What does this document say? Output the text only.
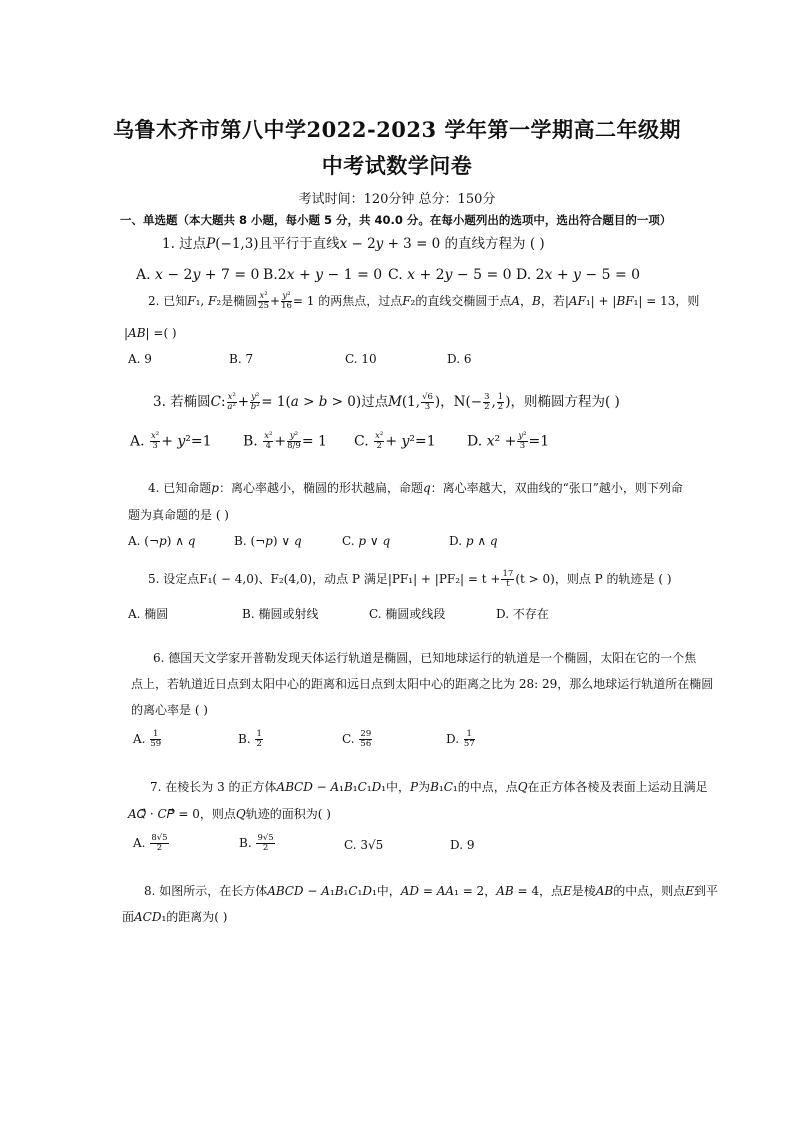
乌鲁木齐市第八中学2022-2023 学年第一学期高二年级期
中考试数学问卷
考试时间：120分钟 总分：150分
一、单选题（本大题共 8 小题，每小题 5 分，共 40.0 分。在每小题列出的选项中，选出符合题目的一项）
1. 过点𝑃(−1,3)且平行于直线𝑥 − 2𝑦 + 3 = 0 的直线方程为 ( )
A. 𝑥 − 2𝑦 + 7 = 0 B.2𝑥 + 𝑦 − 1 = 0 C. 𝑥 + 2𝑦 − 5 = 0 D. 2𝑥 + 𝑦 − 5 = 0
2. 已知𝐹₁, 𝐹₂是椭圆 $\frac{\text{𝑥²}}{25} + \frac{\text{𝑦²}}{16} = 1$ 的两焦点，过点𝐹₂的直线交椭圆于点𝐴，𝐵，若|𝐴𝐹₁| + |𝐵𝐹₁| = 13，则
|𝐴𝐵| =( )
A. 9	B. 7	C. 10	D. 6
3. 若椭圆𝐶: $\frac{\text{𝑥²}}{\text{𝑎²}} + \frac{\text{𝑦²}}{\text{𝑏²}}$ = 1(𝑎 > 𝑏 > 0)过点𝑀(1, $\frac{√6}{3}$ )，$N(- \frac{3}{2}$ , $\frac{1}{2}$ )，则椭圆方程为( )
A. $\frac{\text{𝑥²}}{3}$ + 𝑦²=1 B. $\frac{\text{𝑥²}}{4} + \frac{\text{𝑦²}}{8/9} = 1$ C. $\frac{\text{𝑥²}}{2}$ + 𝑦²=1 D. 𝑥² + $\frac{\text{𝑦²}}{3} =1$
4. 已知命题𝑝：离心率越小，椭圆的形状越扁，命题𝑞：离心率越大，双曲线的“张口”越小，则下列命
题为真命题的是 ( )
A. (¬𝑝) ∧ 𝑞	B. (¬𝑝) ∨ 𝑞	C. 𝑝 ∨ 𝑞	D. 𝑝 ∧ 𝑞
5. 设定点F₁( − 4,0)、F₂(4,0)，动点 P 满足$|PF_1| + |PF_2| = t + \frac{17}{t} (t > 0)$，则点 P 的轨迹是 ( )
A. 椭圆	B. 椭圆或射线	C. 椭圆或线段	D. 不存在
6. 德国天文学家开普勒发现天体运行轨道是椭圆，已知地球运行的轨道是一个椭圆，太阳在它的一个焦
点上，若轨道近日点到太阳中心的距离和远日点到太阳中心的距离之比为 28: 29，那么地球运行轨道所在椭圆
的离心率是 ( )
A. $\frac{1}{59}$	B. $\frac{1}{2}$	C. $\frac{29}{56}$	D. $\frac{1}{57}$
7. 在棱长为 3 的正方体𝐴𝐵𝐶𝐷 − 𝐴₁𝐵₁𝐶₁𝐷₁中，𝑃为𝐵₁𝐶₁的中点，点𝑄在正方体各棱及表面上运动且满足
𝐴𝑄⃗ · 𝐶𝑃⃗ = 0，则点𝑄轨迹的面积为( )
A. $\frac{8√5}{2}$	B. $\frac{9√5}{2}$	C. 3√5	D. 9
8. 如图所示，在长方体𝐴𝐵𝐶𝐷 − 𝐴₁𝐵₁𝐶₁𝐷₁中，𝐴𝐷 = 𝐴𝐴₁ = 2，𝐴𝐵 = 4，点𝐸是棱𝐴𝐵的中点，则点𝐸到平
面𝐴𝐶𝐷₁的距离为( )
